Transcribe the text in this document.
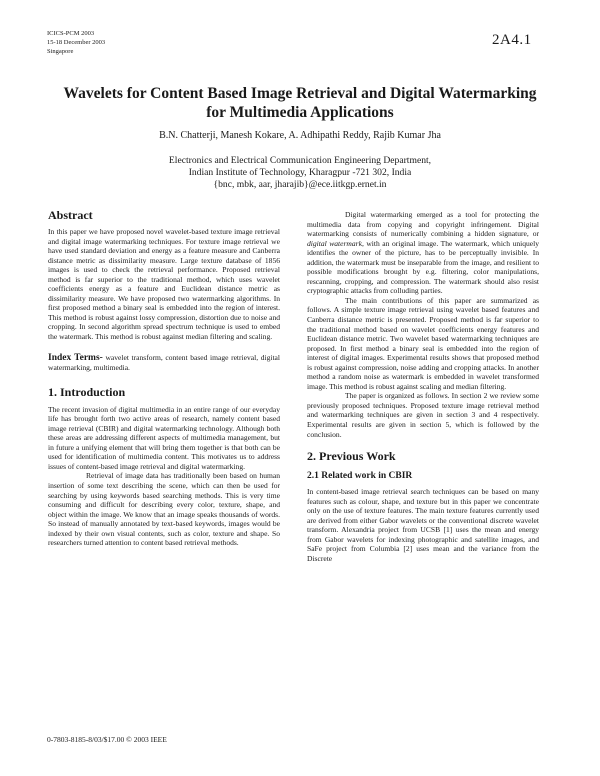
ICICS-PCM 2003
15-18 December 2003
Singapore
2A4.1
Wavelets for Content Based Image Retrieval and Digital Watermarking
for Multimedia Applications
B.N. Chatterji, Manesh Kokare, A. Adhipathi Reddy, Rajib Kumar Jha
Electronics and Electrical Communication Engineering Department,
Indian Institute of Technology, Kharagpur -721 302, India
{bnc, mbk, aar, jharajib}@ece.iitkgp.ernet.in
Abstract

In this paper we have proposed novel wavelet-based texture image retrieval and digital image watermarking techniques. For texture image retrieval we have used standard deviation and energy as a feature measure and Canberra distance metric as dissimilarity measure. Large texture database of 1856 images is used to check the retrieval performance. Proposed retrieval method is far superior to the traditional method, which uses wavelet coefficients energy as a feature and Euclidean distance metric as dissimilarity measure. We have proposed two watermarking algorithms. In first proposed method a binary seal is embedded into the region of interest. This method is robust against lossy compression, distortion due to noise and cropping. In second algorithm spread spectrum technique is used to embed the watermark. This method is robust against median filtering and scaling.

Index Terms- wavelet transform, content based image retrieval, digital watermarking, multimedia.

1. Introduction

The recent invasion of digital multimedia in an entire range of our everyday life has brought forth two active areas of research, namely content based image retrieval (CBIR) and digital watermarking technology. Although both these areas are addressing different aspects of multimedia management, but in future a unifying element that will bring them together is that both can be used for identification of multimedia content. This motivates us to address issues of content-based image retrieval and digital watermarking.

Retrieval of image data has traditionally been based on human insertion of some text describing the scene, which can then be used for searching by using keywords based searching methods. This is very time consuming and difficult for describing every color, texture, shape, and object within the image. We know that an image speaks thousands of words. So instead of manually annotated by text-based keywords, images would be indexed by their own visual contents, such as color, texture and shape. So researchers turned attention to content based retrieval methods.

Digital watermarking emerged as a tool for protecting the multimedia data from copying and copyright infringement. Digital watermarking consists of numerically combining a hidden signature, or digital watermark, with an original image. The watermark, which uniquely identifies the owner of the picture, has to be perceptually invisible. In addition, the watermark must be inseparable from the image, and resilient to possible modifications brought by e.g. filtering, color manipulations, rescanning, cropping, and compression. The watermark should also resist cryptographic attacks from colluding parties.

The main contributions of this paper are summarized as follows. A simple texture image retrieval using wavelet based features and Canberra distance metric is presented. Proposed method is far superior to the traditional method based on wavelet coefficients energy features and Euclidean distance metric. Two wavelet based watermarking techniques are proposed. In first method a binary seal is embedded into the region of interest of digital images. Experimental results shows that proposed method is robust against compression, noise adding and cropping attacks. In another method a random noise as watermark is embedded in wavelet transformed image. This method is robust against scaling and median filtering.

The paper is organized as follows. In section 2 we review some previously proposed techniques. Proposed texture image retrieval method and watermarking techniques are given in section 3 and 4 respectively. Experimental results are given in section 5, which is followed by the conclusion.

2. Previous Work
2.1 Related work in CBIR

In content-based image retrieval search techniques can be based on many features such as colour, shape, and texture but in this paper we concentrate only on the use of texture features. The main texture features currently used are derived from either Gabor wavelets or the conventional discrete wavelet transform. Alexandria project from UCSB [1] uses the mean and energy from Gabor wavelets for indexing photographic and satellite images, and SaFe project from Columbia [2] uses mean and the variance from the Discrete

0-7803-8185-8/03/$17.00 © 2003 IEEE
